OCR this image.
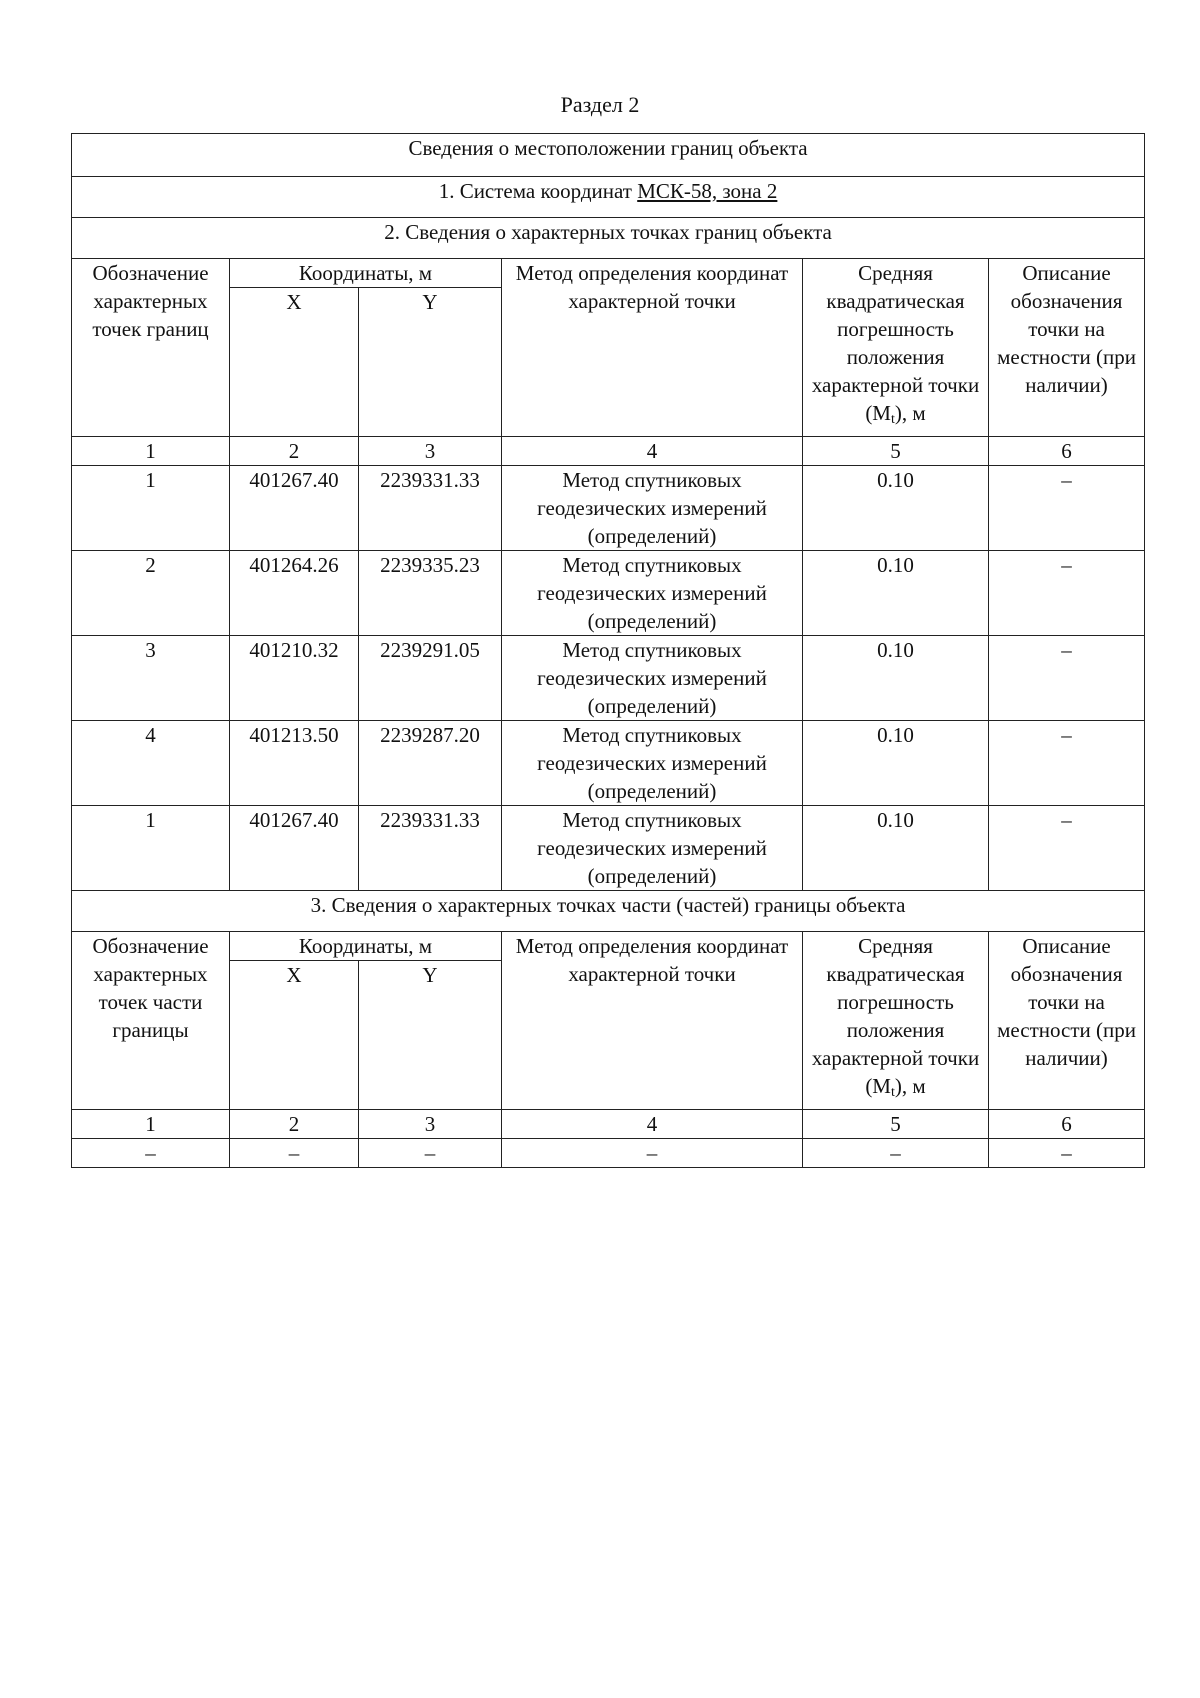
Раздел 2
Сведения о местоположении границ объекта					
1. Система координат МСК-58, зона 2					
2. Сведения о характерных точках границ объекта					
Обозначение характерных точек границ	Координаты, м		Метод определения координат характерной точки	Средняя квадратическая погрешность положения характерной точки $(M_t)$, м	Описание обозначения точки на местности (при наличии)
	X	Y			
1	2	3	4	5	6
1	401267.40	2239331.33	Метод спутниковых геодезических измерений (определений)	0.10	–
2	401264.26	2239335.23	Метод спутниковых геодезических измерений (определений)	0.10	–
3	401210.32	2239291.05	Метод спутниковых геодезических измерений (определений)	0.10	–
4	401213.50	2239287.20	Метод спутниковых геодезических измерений (определений)	0.10	–
1	401267.40	2239331.33	Метод спутниковых геодезических измерений (определений)	0.10	–
3. Сведения о характерных точках части (частей) границы объекта					
Обозначение характерных точек части границы	Координаты, м		Метод определения координат характерной точки	Средняя квадратическая погрешность положения характерной точки $(M_t)$, м	Описание обозначения точки на местности (при наличии)
	X	Y			
1	2	3	4	5	6
–	–	–	–	–	–
